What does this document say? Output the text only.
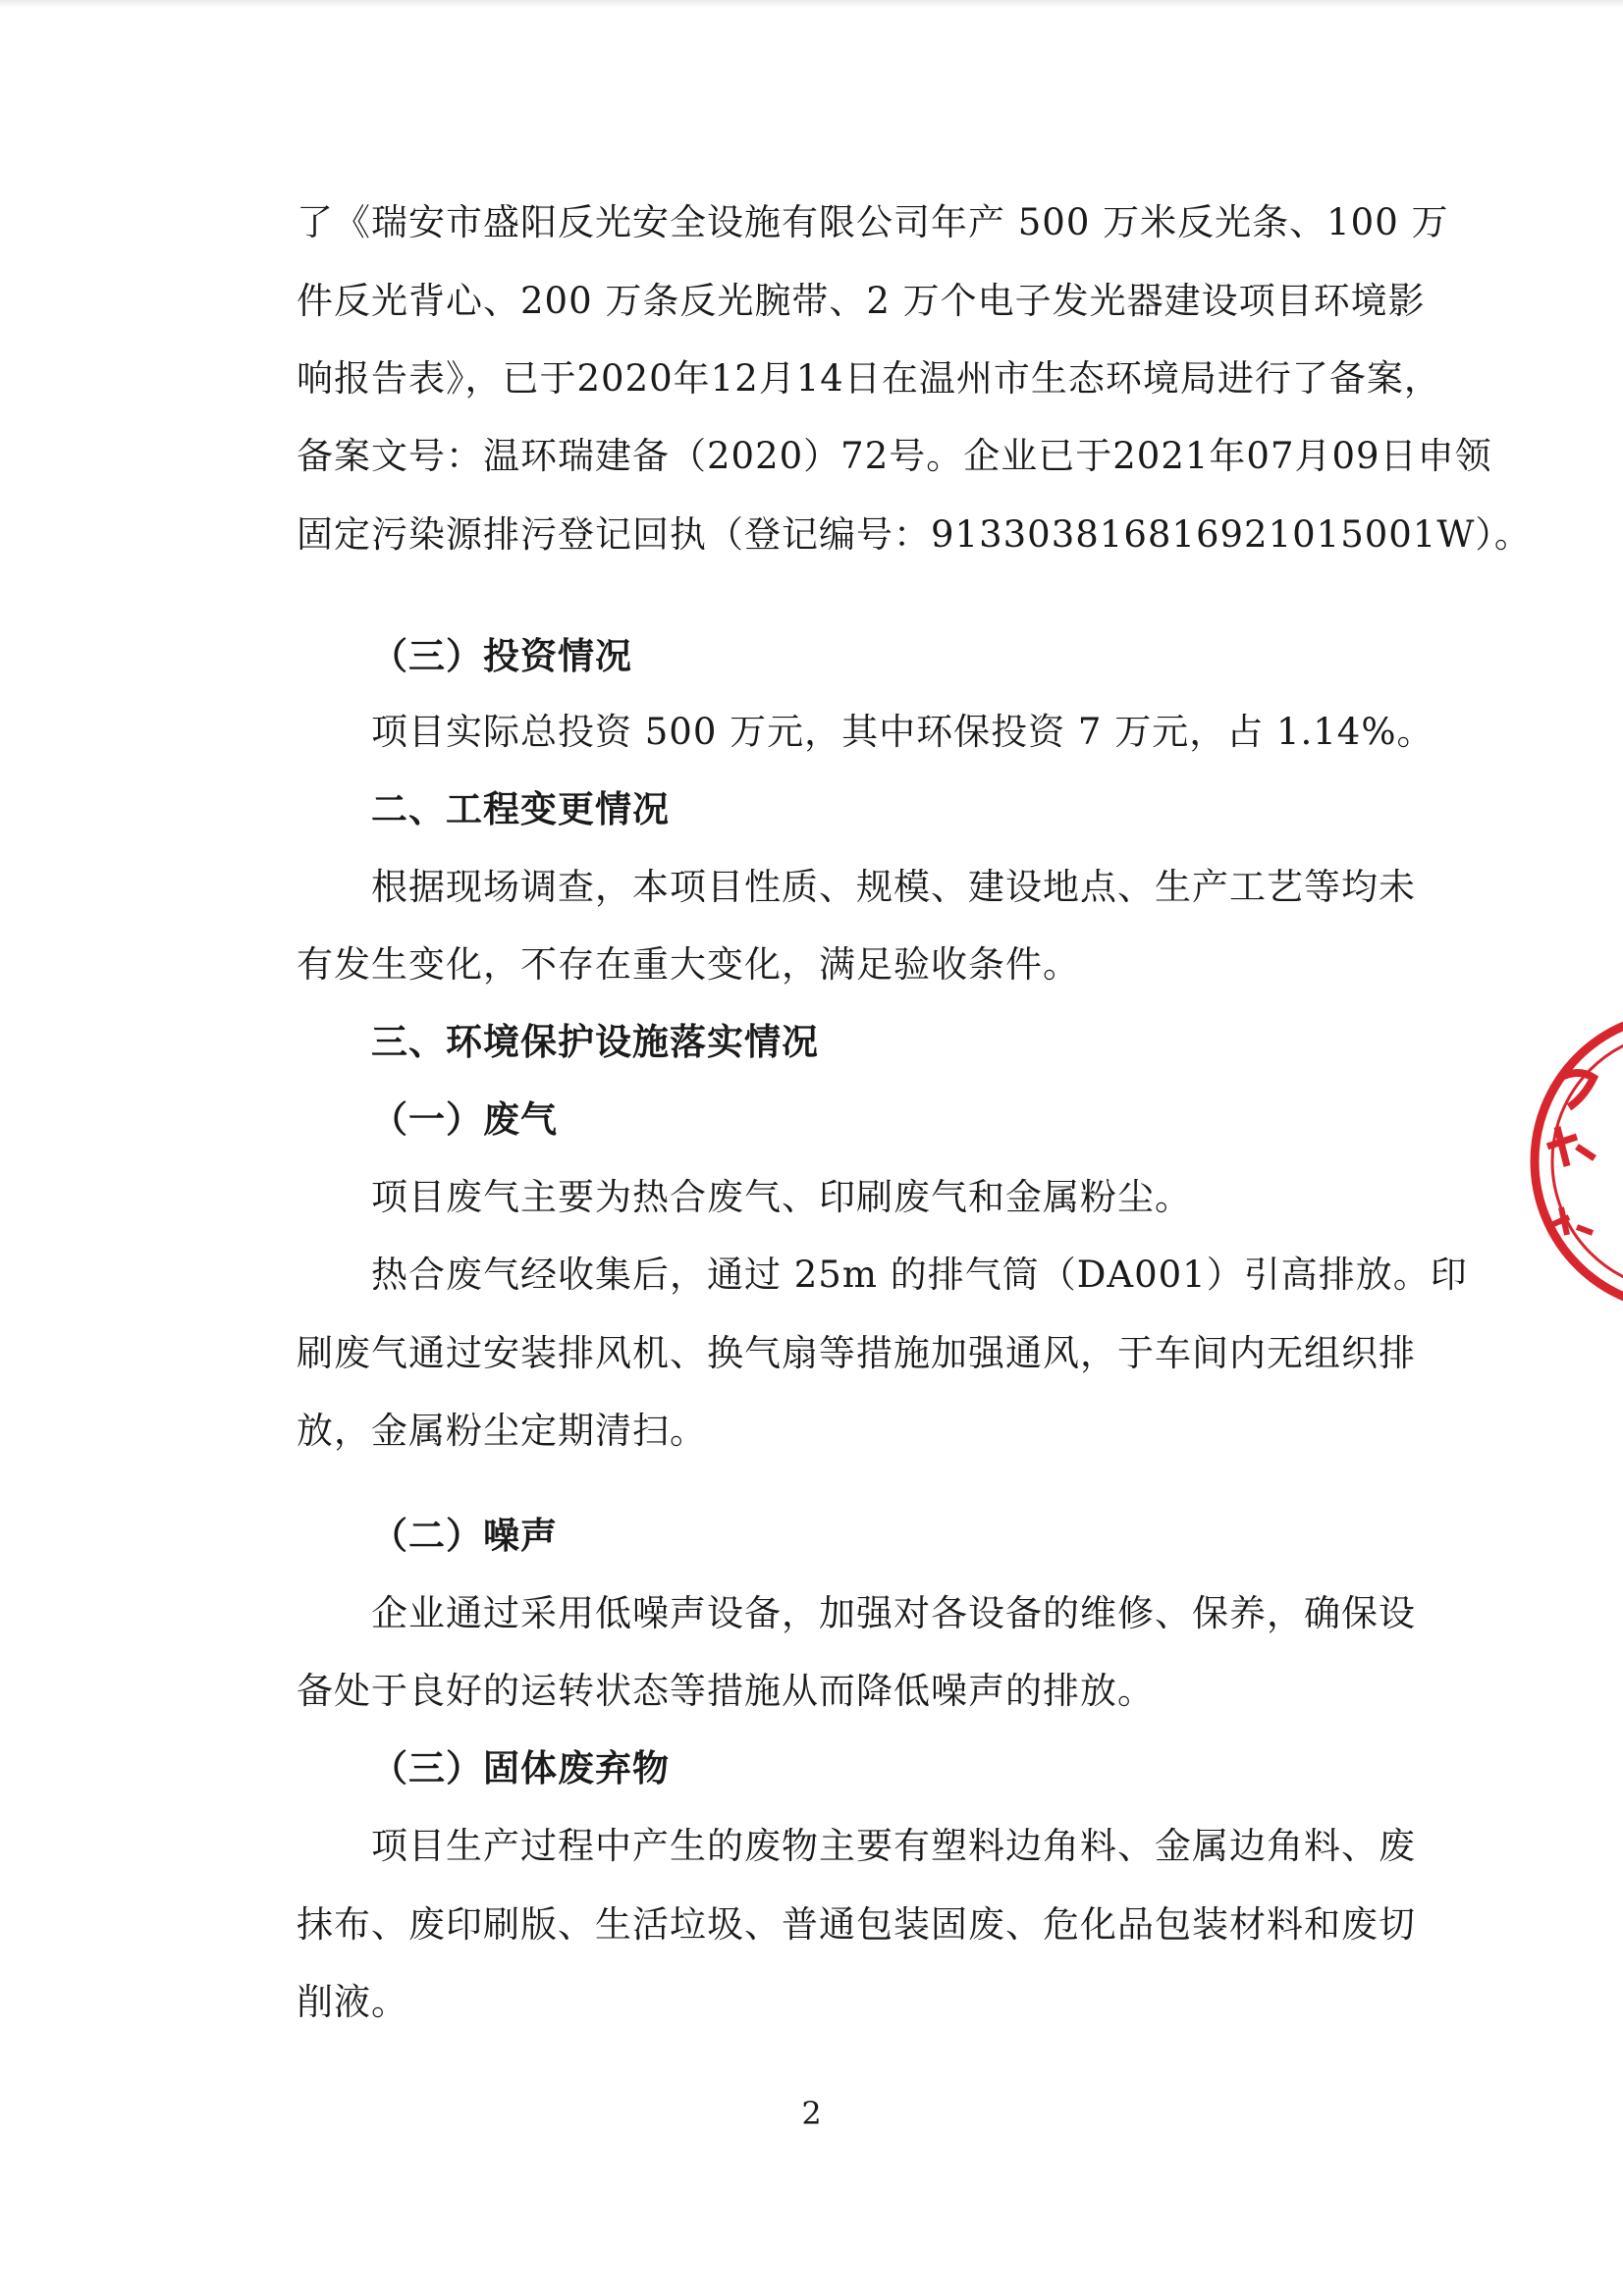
了《瑞安市盛阳反光安全设施有限公司年产 500 万米反光条、100 万
件反光背心、200 万条反光腕带、2 万个电子发光器建设项目环境影
响报告表》，已于2020年12月14日在温州市生态环境局进行了备案，
备案文号：温环瑞建备（2020）72号。企业已于2021年07月09日申领
固定污染源排污登记回执（登记编号：91330381681692101500​1W）。
（三）投资情况
项目实际总投资 500 万元，其中环保投资 7 万元，占 1.14%。
二、工程变更情况
根据现场调查，本项目性质、规模、建设地点、生产工艺等均未
有发生变化，不存在重大变化，满足验收条件。
三、环境保护设施落实情况
（一）废气
项目废气主要为热合废气、印刷废气和金属粉尘。
热合废气经收集后，通过 25m 的排气筒（DA001）引高排放。印
刷废气通过安装排风机、换气扇等措施加强通风，于车间内无组织排
放，金属粉尘定期清扫。
（二）噪声
企业通过采用低噪声设备，加强对各设备的维修、保养，确保设
备处于良好的运转状态等措施从而降低噪声的排放。
（三）固体废弃物
项目生产过程中产生的废物主要有塑料边角料、金属边角料、废
抹布、废印刷版、生活垃圾、普通包装固废、危化品包装材料和废切
削液。
2
